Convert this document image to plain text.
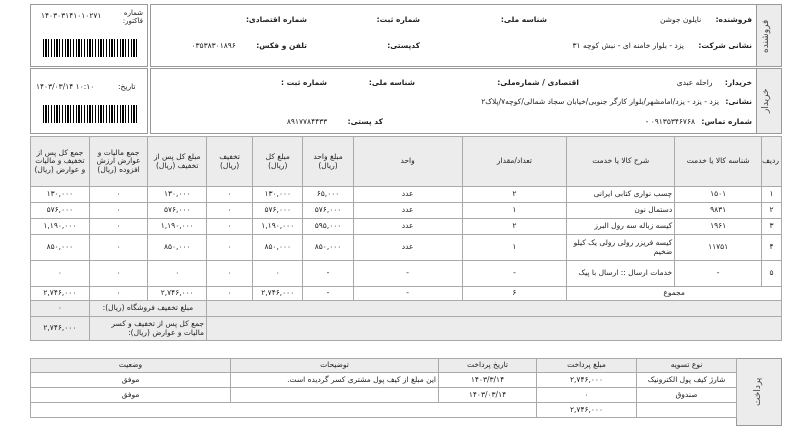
فروشنده
فروشنده: نایلون جوشن
شناسه ملی:
شماره ثبت:
شماره اقتصادی:
نشانی شرکت: یزد - بلوار خامنه ای - نبش کوچه ۳۱
کدپستی:
تلفن و فکس: ۰۳۵۳۸۳۰۱۸۹۶
شماره فاکتور:
۱۴۰۳۰۳۱۴۱۰۱۰۲۷۱
خریدار
خریدار: راحله عبدی
اقتصادی / شماره‌ملی:
شناسه ملی:
شماره ثبت :
نشانی: یزد - یزد - یزد/امامشهر/بلوار کارگر جنوبی/خیابان سجاد شمالی/کوچه۷/پلاک۲
شماره تماس: ۰۹۱۳۵۳۴۶۷۶۸ -
کد پستی: ۸۹۱۷۷۸۴۴۳۳
تاریخ:
۱۴۰۳/۰۳/۱۴ ۱۰:۱۰
ردیف	شناسه کالا یا خدمت	شرح کالا یا خدمت	تعداد/مقدار	واحد	مبلغ واحد (ریال)	مبلغ کل (ریال)	تخفیف (ریال)	مبلغ کل پس از تخفیف (ریال)	جمع مالیات و عوارض ارزش افزوده (ریال)	جمع کل پس از تخفیف و مالیات و عوارض (ریال)
۱	۱۵۰۱	چسب نواری کتابی ایرانی	۲	عدد	۶۵,۰۰۰	۱۳۰,۰۰۰	۰	۱۳۰,۰۰۰	۰	۱۳۰,۰۰۰
۲	۹۸۳۱	دستمال نون	۱	عدد	۵۷۶,۰۰۰	۵۷۶,۰۰۰	۰	۵۷۶,۰۰۰	۰	۵۷۶,۰۰۰
۳	۱۹۶۱	کیسه زباله سه رول البرز	۲	عدد	۵۹۵,۰۰۰	۱,۱۹۰,۰۰۰	۰	۱,۱۹۰,۰۰۰	۰	۱,۱۹۰,۰۰۰
۴	۱۱۷۵۱	کیسه فریزر رولی رولی یک کیلو ضخیم	۱	عدد	۸۵۰,۰۰۰	۸۵۰,۰۰۰	۰	۸۵۰,۰۰۰	۰	۸۵۰,۰۰۰
۵	-	خدمات ارسال :: ارسال با پیک	-	-	-	۰	۰	۰	۰	۰
مجموع			۶	-	-	۲,۷۴۶,۰۰۰	۰	۲,۷۴۶,۰۰۰	۰	۲,۷۴۶,۰۰۰
								مبلغ تخفیف فروشگاه (ریال):		۰
								جمع کل پس از تخفیف و کسر مالیات و عوارض (ریال):		۲,۷۴۶,۰۰۰
پرداخت
نوع تسویه	مبلغ پرداخت	تاریخ پرداخت	توضیحات	وضعیت
شارژ کیف پول الکترونیک	۲,۷۴۶,۰۰۰	۱۴۰۳/۳/۱۴	این مبلغ از کیف پول مشتری کسر گردیده است.	موفق
صندوق	۰	۱۴۰۳/۰۳/۱۴		موفق
	۲,۷۴۶,۰۰۰			
